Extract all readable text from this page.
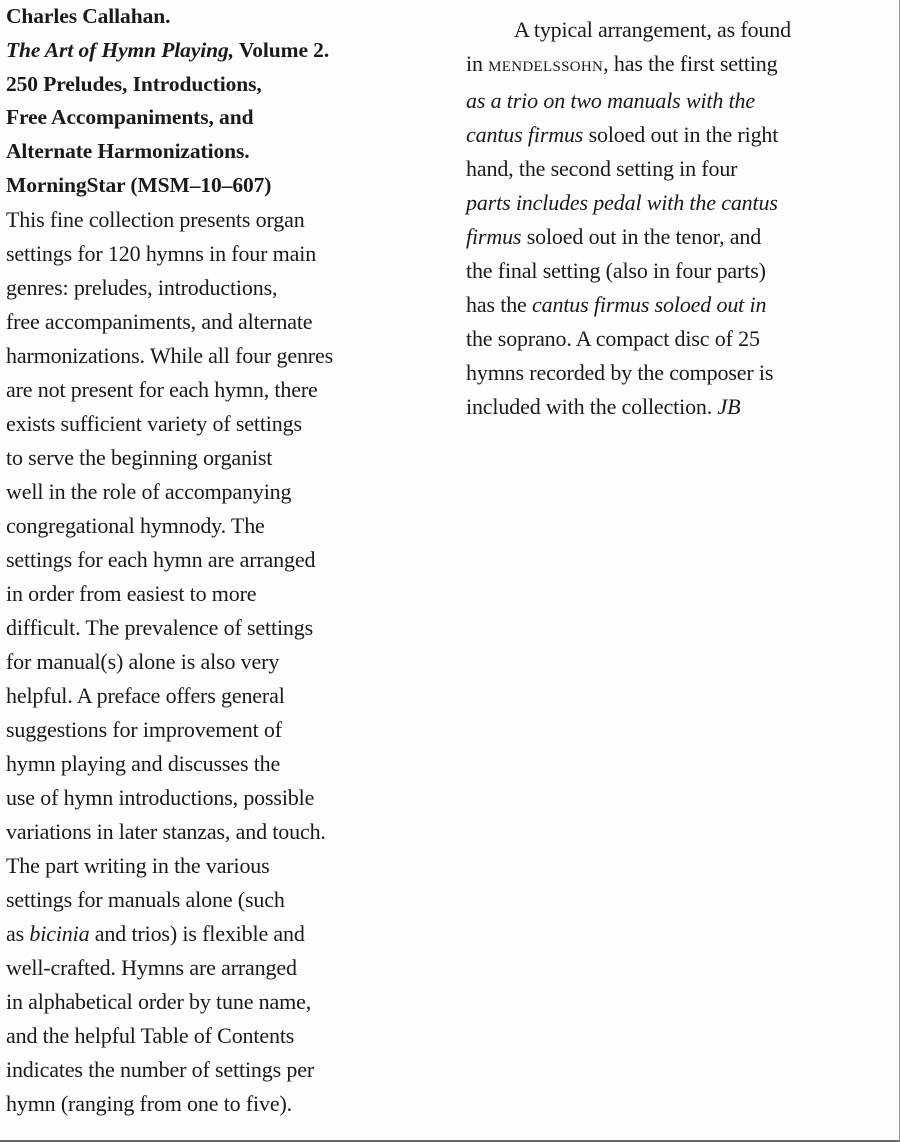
Charles Callahan.
The Art of Hymn Playing, Volume 2.
250 Preludes, Introductions,
Free Accompaniments, and
Alternate Harmonizations.
MorningStar (MSM–10–607)
This fine collection presents organ
settings for 120 hymns in four main
genres: preludes, introductions,
free accompaniments, and alternate
harmonizations. While all four genres
are not present for each hymn, there
exists sufficient variety of settings
to serve the beginning organist
well in the role of accompanying
congregational hymnody. The
settings for each hymn are arranged
in order from easiest to more
difficult. The prevalence of settings
for manual(s) alone is also very
helpful. A preface offers general
suggestions for improvement of
hymn playing and discusses the
use of hymn introductions, possible
variations in later stanzas, and touch.
The part writing in the various
settings for manuals alone (such
as bicinia and trios) is flexible and
well-crafted. Hymns are arranged
in alphabetical order by tune name,
and the helpful Table of Contents
indicates the number of settings per
hymn (ranging from one to five).
A typical arrangement, as found
in MENDELSSOHN, has the first setting
as a trio on two manuals with the
cantus firmus soloed out in the right
hand, the second setting in four
parts includes pedal with the cantus
firmus soloed out in the tenor, and
the final setting (also in four parts)
has the cantus firmus soloed out in
the soprano. A compact disc of 25
hymns recorded by the composer is
included with the collection. JB
